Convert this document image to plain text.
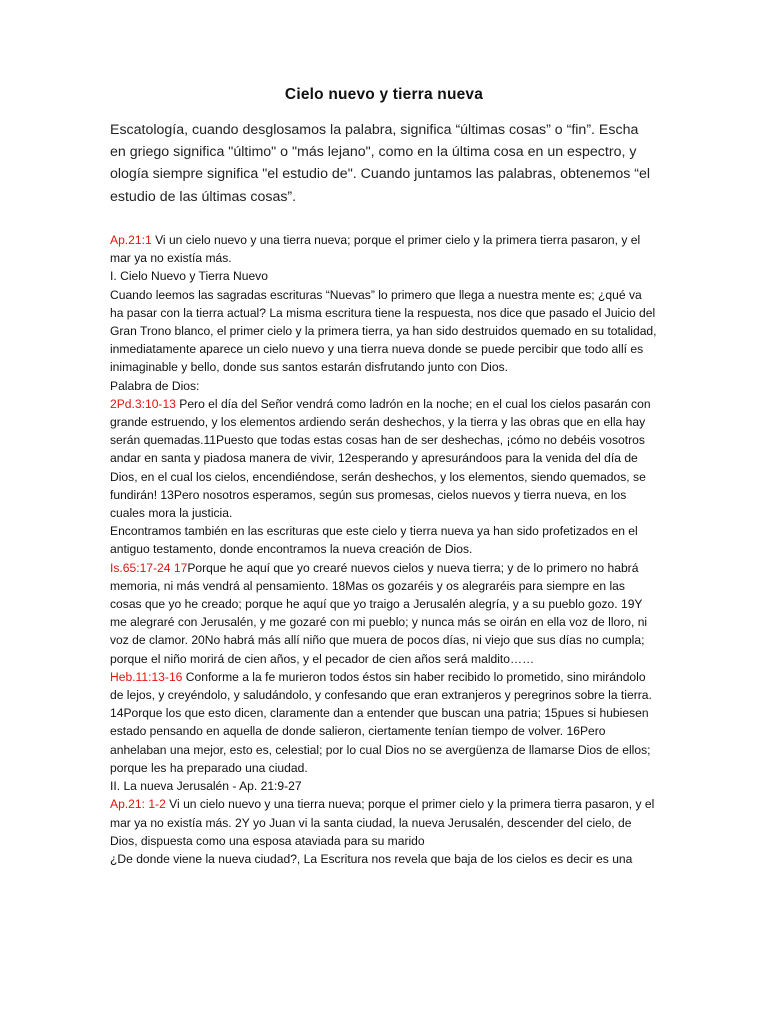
Cielo nuevo y tierra nueva
Escatología, cuando desglosamos la palabra, significa “últimas cosas” o “fin”. Escha en griego significa "último" o "más lejano", como en la última cosa en un espectro, y ología siempre significa "el estudio de". Cuando juntamos las palabras, obtenemos “el estudio de las últimas cosas”.

Ap.21:1 Vi un cielo nuevo y una tierra nueva; porque el primer cielo y la primera tierra pasaron, y el mar ya no existía más.

I. Cielo Nuevo y Tierra Nuevo

Cuando leemos las sagradas escrituras “Nuevas” lo primero que llega a nuestra mente es; ¿qué va ha pasar con la tierra actual? La misma escritura tiene la respuesta, nos dice que pasado el Juicio del Gran Trono blanco, el primer cielo y la primera tierra, ya han sido destruidos quemado en su totalidad, inmediatamente aparece un cielo nuevo y una tierra nueva donde se puede percibir que todo allí es inimaginable y bello, donde sus santos estarán disfrutando junto con Dios.

Palabra de Dios:

2Pd.3:10-13 Pero el día del Señor vendrá como ladrón en la noche; en el cual los cielos pasarán con grande estruendo, y los elementos ardiendo serán deshechos, y la tierra y las obras que en ella hay serán quemadas.11Puesto que todas estas cosas han de ser deshechas, ¡cómo no debéis vosotros andar en santa y piadosa manera de vivir, 12esperando y apresurándoos para la venida del día de Dios, en el cual los cielos, encendiéndose, serán deshechos, y los elementos, siendo quemados, se fundirán! 13Pero nosotros esperamos, según sus promesas, cielos nuevos y tierra nueva, en los cuales mora la justicia.

Encontramos también en las escrituras que este cielo y tierra nueva ya han sido profetizados en el antiguo testamento, donde encontramos la nueva creación de Dios.

Is.65:17-24 17Porque he aquí que yo crearé nuevos cielos y nueva tierra; y de lo primero no habrá memoria, ni más vendrá al pensamiento. 18Mas os gozaréis y os alegraréis para siempre en las cosas que yo he creado; porque he aquí que yo traigo a Jerusalén alegría, y a su pueblo gozo. 19Y me alegraré con Jerusalén, y me gozaré con mi pueblo; y nunca más se oirán en ella voz de lloro, ni voz de clamor. 20No habrá más allí niño que muera de pocos días, ni viejo que sus días no cumpla; porque el niño morirá de cien años, y el pecador de cien años será maldito……

Heb.11:13-16 Conforme a la fe murieron todos éstos sin haber recibido lo prometido, sino mirándolo de lejos, y creyéndolo, y saludándolo, y confesando que eran extranjeros y peregrinos sobre la tierra. 14Porque los que esto dicen, claramente dan a entender que buscan una patria; 15pues si hubiesen estado pensando en aquella de donde salieron, ciertamente tenían tiempo de volver. 16Pero anhelaban una mejor, esto es, celestial; por lo cual Dios no se avergüenza de llamarse Dios de ellos; porque les ha preparado una ciudad.

II. La nueva Jerusalén - Ap. 21:9-27

Ap.21: 1-2 Vi un cielo nuevo y una tierra nueva; porque el primer cielo y la primera tierra pasaron, y el mar ya no existía más. 2Y yo Juan vi la santa ciudad, la nueva Jerusalén, descender del cielo, de Dios, dispuesta como una esposa ataviada para su marido

¿De donde viene la nueva ciudad?, La Escritura nos revela que baja de los cielos es decir es una
